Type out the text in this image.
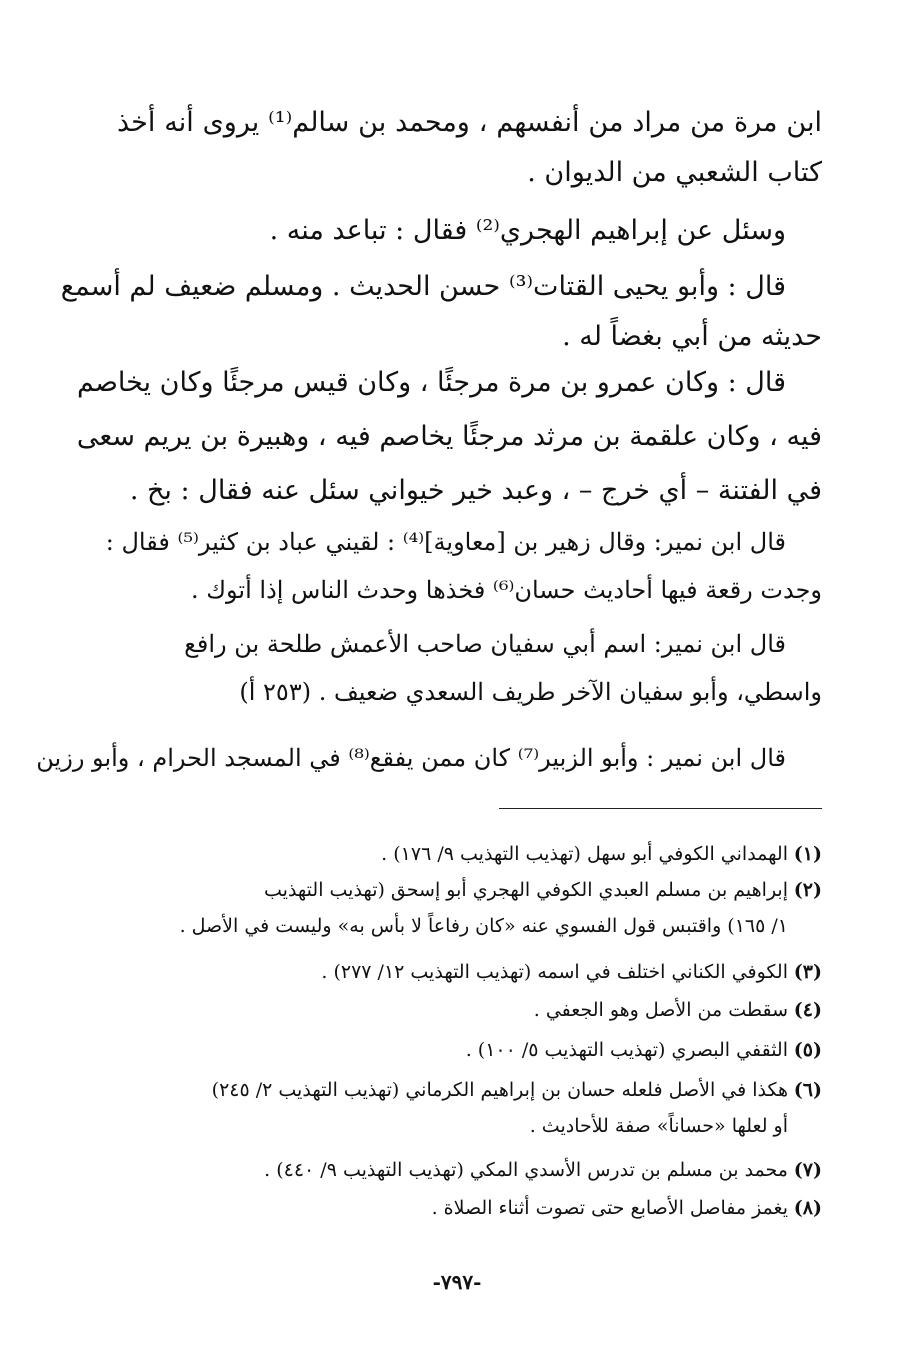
ابن مرة من مراد من أنفسهم ، ومحمد بن سالم⁽¹⁾ يروى أنه أخذ
كتاب الشعبي من الديوان .

وسئل عن إبراهيم الهجري⁽²⁾ فقال : تباعد منه .

قال : وأبو يحيى القتات⁽³⁾ حسن الحديث . ومسلم ضعيف لم أسمع
حديثه من أبي بغضاً له .

قال : وكان عمرو بن مرة مرجئًا ، وكان قيس مرجئًا وكان يخاصم
فيه ، وكان علقمة بن مرثد مرجئًا يخاصم فيه ، وهبيرة بن يريم سعى
في الفتنة – أي خرج – ، وعبد خير خيواني سئل عنه فقال : بخ .

قال ابن نمير: وقال زهير بن [معاوية]⁽⁴⁾ : لقيني عباد بن كثير⁽⁵⁾ فقال :
وجدت رقعة فيها أحاديث حسان⁽⁶⁾ فخذها وحدث الناس إذا أتوك .

قال ابن نمير: اسم أبي سفيان صاحب الأعمش طلحة بن رافع
واسطي، وأبو سفيان الآخر طريف السعدي ضعيف . (٢٥٣ أ)

قال ابن نمير : وأبو الزبير⁽⁷⁾ كان ممن يفقع⁽⁸⁾ في المسجد الحرام ، وأبو رزين

(١)الهمداني الكوفي أبو سهل (تهذيب التهذيب ٩/ ١٧٦) .
(٢)إبراهيم بن مسلم العبدي الكوفي الهجري أبو إسحق (تهذيب التهذيب
١/ ١٦٥) واقتبس قول الفسوي عنه «كان رفاعاً لا بأس به» وليست في الأصل .
(٣)الكوفي الكناني اختلف في اسمه (تهذيب التهذيب ١٢/ ٢٧٧) .
(٤)سقطت من الأصل وهو الجعفي .
(٥)الثقفي البصري (تهذيب التهذيب ٥/ ١٠٠) .
(٦)هكذا في الأصل فلعله حسان بن إبراهيم الكرماني (تهذيب التهذيب ٢/ ٢٤٥)
أو لعلها «حساناً» صفة للأحاديث .
(٧)محمد بن مسلم بن تدرس الأسدي المكي (تهذيب التهذيب ٩/ ٤٤٠) .
(٨)يغمز مفاصل الأصابع حتى تصوت أثناء الصلاة .
-٧٩٧-
